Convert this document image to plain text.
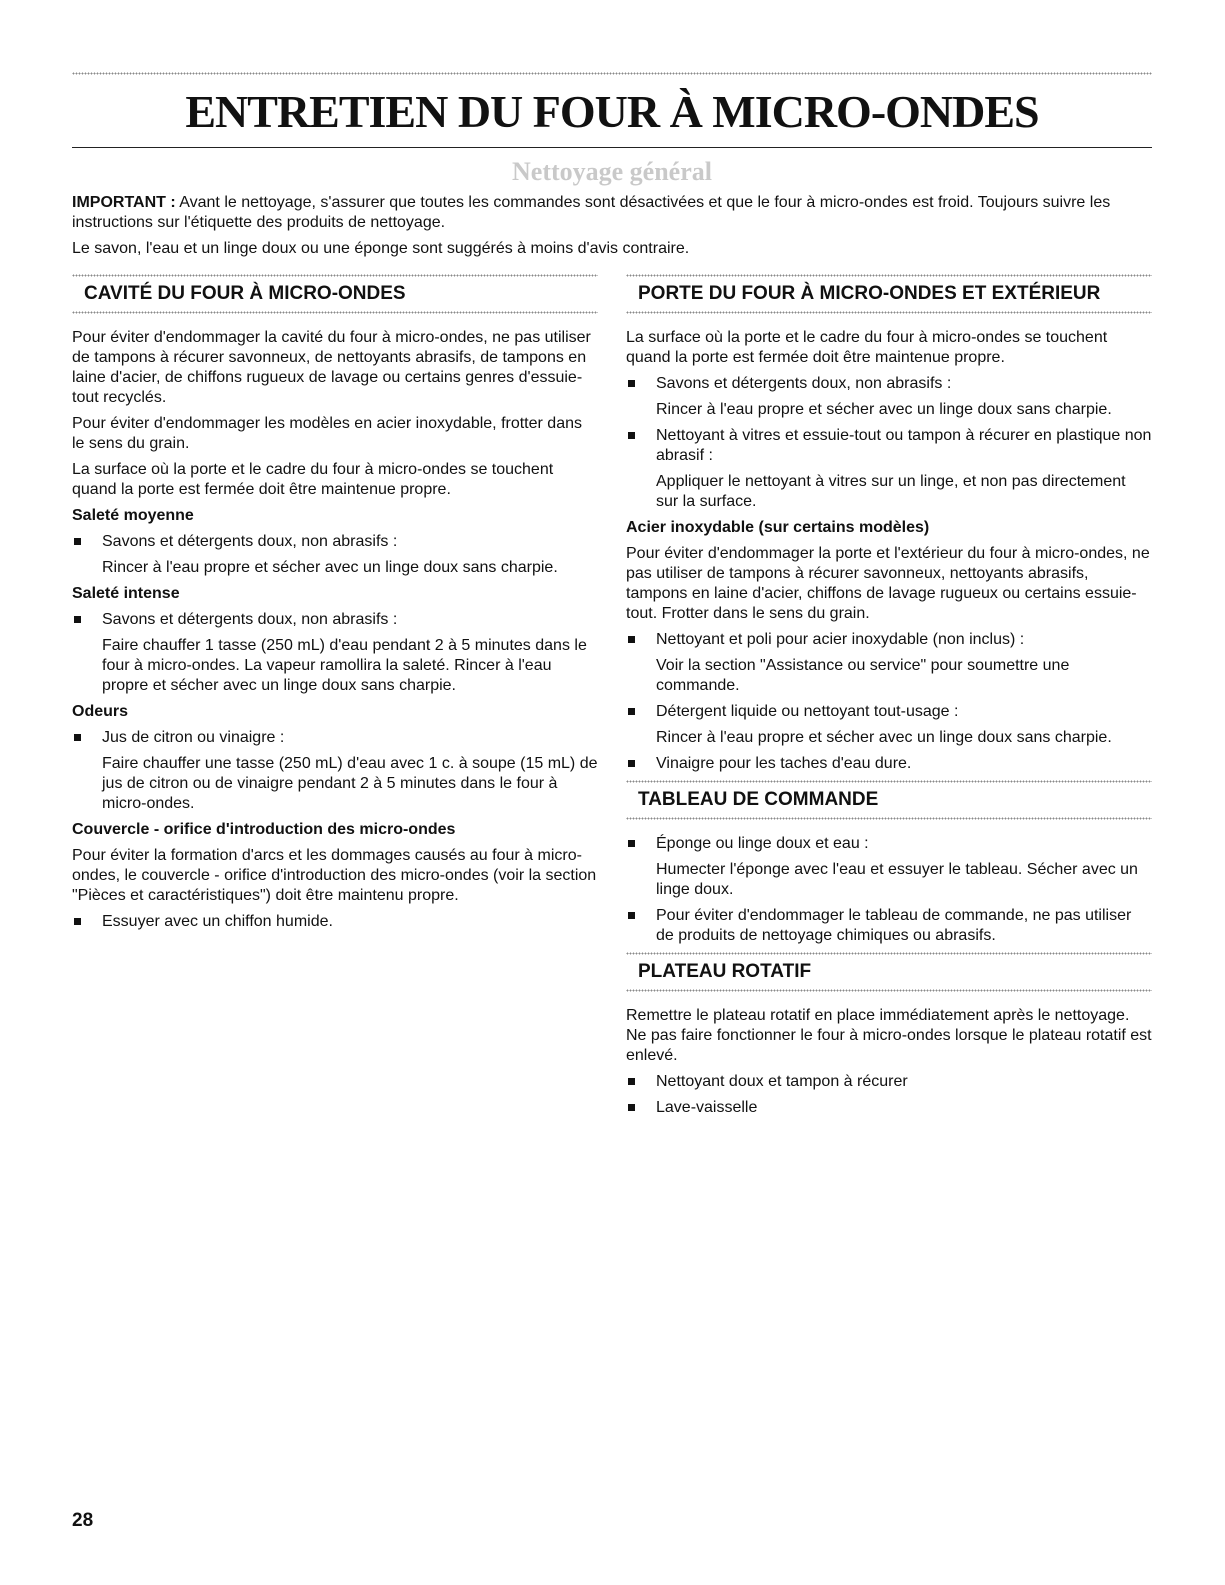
ENTRETIEN DU FOUR À MICRO-ONDES
Nettoyage général

IMPORTANT : Avant le nettoyage, s'assurer que toutes les commandes sont désactivées et que le four à micro-ondes est froid. Toujours suivre les instructions sur l'étiquette des produits de nettoyage.

Le savon, l'eau et un linge doux ou une éponge sont suggérés à moins d'avis contraire.

CAVITÉ DU FOUR À MICRO-ONDES

Pour éviter d'endommager la cavité du four à micro-ondes, ne pas utiliser de tampons à récurer savonneux, de nettoyants abrasifs, de tampons en laine d'acier, de chiffons rugueux de lavage ou certains genres d'essuie-tout recyclés.

Pour éviter d'endommager les modèles en acier inoxydable, frotter dans le sens du grain.

La surface où la porte et le cadre du four à micro-ondes se touchent quand la porte est fermée doit être maintenue propre.

Saleté moyenne

Savons et détergents doux, non abrasifs :

Rincer à l'eau propre et sécher avec un linge doux sans charpie.

Saleté intense

Savons et détergents doux, non abrasifs :

Faire chauffer 1 tasse (250 mL) d'eau pendant 2 à 5 minutes dans le four à micro-ondes. La vapeur ramollira la saleté. Rincer à l'eau propre et sécher avec un linge doux sans charpie.

Odeurs

Jus de citron ou vinaigre :

Faire chauffer une tasse (250 mL) d'eau avec 1 c. à soupe (15 mL) de jus de citron ou de vinaigre pendant 2 à 5 minutes dans le four à micro-ondes.

Couvercle - orifice d'introduction des micro-ondes

Pour éviter la formation d'arcs et les dommages causés au four à micro-ondes, le couvercle - orifice d'introduction des micro-ondes (voir la section "Pièces et caractéristiques") doit être maintenu propre.

Essuyer avec un chiffon humide.

PORTE DU FOUR À MICRO-ONDES ET EXTÉRIEUR

La surface où la porte et le cadre du four à micro-ondes se touchent quand la porte est fermée doit être maintenue propre.

Savons et détergents doux, non abrasifs :

Rincer à l'eau propre et sécher avec un linge doux sans charpie.

Nettoyant à vitres et essuie-tout ou tampon à récurer en plastique non abrasif :

Appliquer le nettoyant à vitres sur un linge, et non pas directement sur la surface.

Acier inoxydable (sur certains modèles)

Pour éviter d'endommager la porte et l'extérieur du four à micro-ondes, ne pas utiliser de tampons à récurer savonneux, nettoyants abrasifs, tampons en laine d'acier, chiffons de lavage rugueux ou certains essuie-tout. Frotter dans le sens du grain.

Nettoyant et poli pour acier inoxydable (non inclus) :

Voir la section "Assistance ou service" pour soumettre une commande.

Détergent liquide ou nettoyant tout-usage :

Rincer à l'eau propre et sécher avec un linge doux sans charpie.

Vinaigre pour les taches d'eau dure.

TABLEAU DE COMMANDE

Éponge ou linge doux et eau :

Humecter l'éponge avec l'eau et essuyer le tableau. Sécher avec un linge doux.

Pour éviter d'endommager le tableau de commande, ne pas utiliser de produits de nettoyage chimiques ou abrasifs.

PLATEAU ROTATIF

Remettre le plateau rotatif en place immédiatement après le nettoyage. Ne pas faire fonctionner le four à micro-ondes lorsque le plateau rotatif est enlevé.

Nettoyant doux et tampon à récurer

Lave-vaisselle

28
